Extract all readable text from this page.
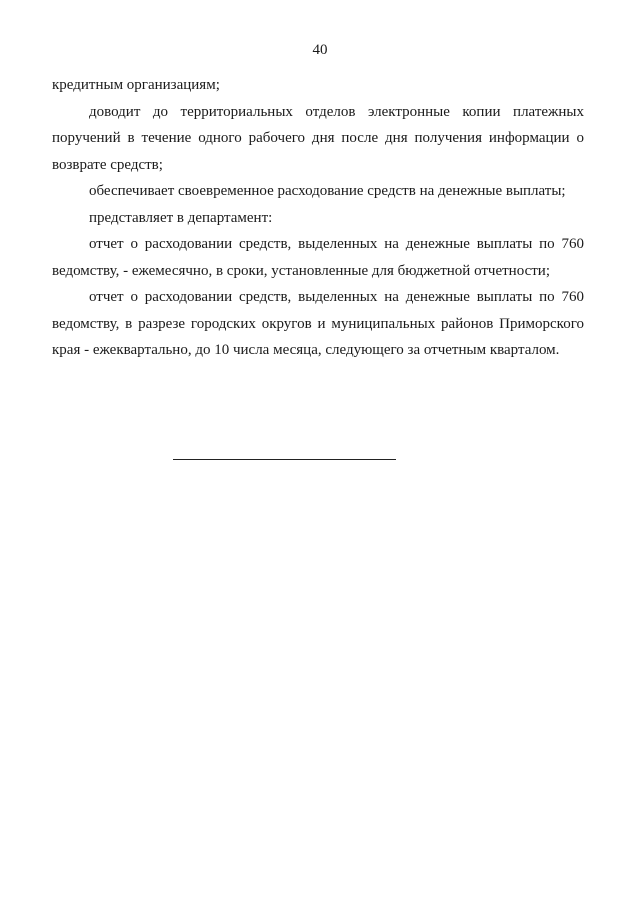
40

кредитным организациям;

доводит до территориальных отделов электронные копии платежных поручений в течение одного рабочего дня после дня получения информации о возврате средств;

обеспечивает своевременное расходование средств на денежные выплаты;

представляет в департамент:

отчет о расходовании средств, выделенных на денежные выплаты по 760 ведомству, - ежемесячно, в сроки, установленные для бюджетной отчетности;

отчет о расходовании средств, выделенных на денежные выплаты по 760 ведомству, в разрезе городских округов и муниципальных районов Приморского края - ежеквартально, до 10 числа месяца, следующего за отчетным кварталом.
